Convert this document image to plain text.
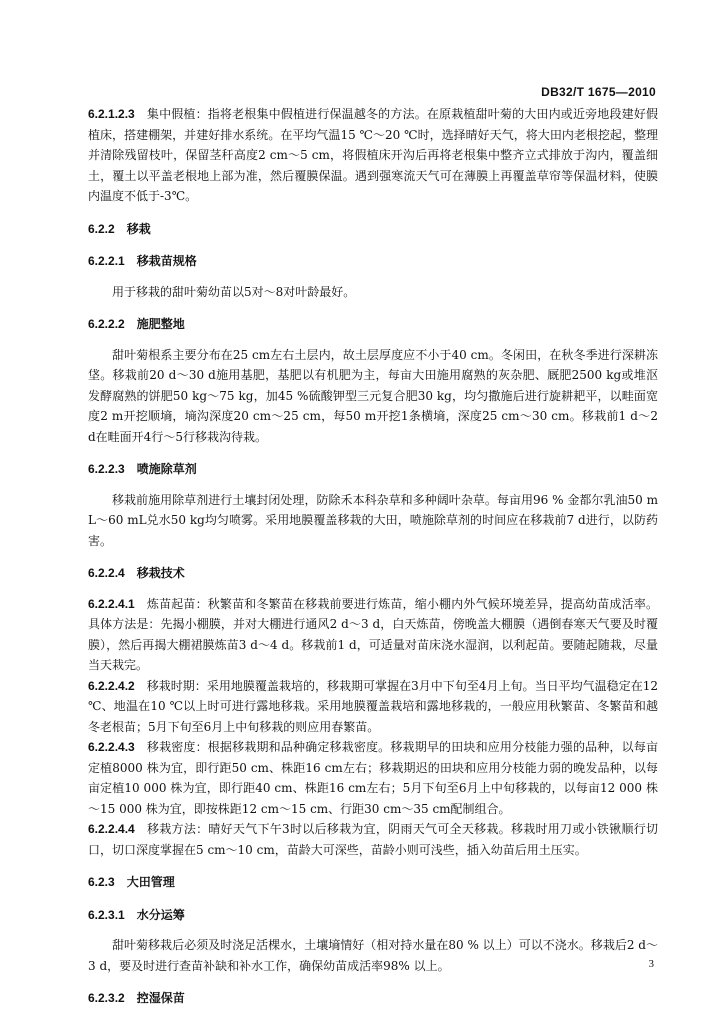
DB32/T 1675—2010

6.2.1.2.3 集中假植：指将老根集中假植进行保温越冬的方法。在原栽植甜叶菊的大田内或近旁地段建好假植床，搭建棚架，并建好排水系统。在平均气温15 ℃～20 ℃时，选择晴好天气，将大田内老根挖起，整理并清除残留枝叶，保留茎秆高度2 cm～5 cm，将假植床开沟后再将老根集中整齐立式排放于沟内，覆盖细土，覆土以平盖老根地上部为准，然后覆膜保温。遇到强寒流天气可在薄膜上再覆盖草帘等保温材料，使膜内温度不低于-3℃。

6.2.2 移栽

6.2.2.1 移栽苗规格

用于移栽的甜叶菊幼苗以5对～8对叶龄最好。

6.2.2.2 施肥整地

甜叶菊根系主要分布在25 cm左右土层内，故土层厚度应不小于40 cm。冬闲田，在秋冬季进行深耕冻垡。移栽前20 d～30 d施用基肥，基肥以有机肥为主，每亩大田施用腐熟的灰杂肥、厩肥2500 kg或堆沤发酵腐熟的饼肥50 kg～75 kg，加45 %硫酸钾型三元复合肥30 kg，均匀撒施后进行旋耕耙平，以畦面宽度2 m开挖顺墒，墒沟深度20 cm～25 cm，每50 m开挖1条横墒，深度25 cm～30 cm。移栽前1 d～2 d在畦面开4行～5行移栽沟待栽。

6.2.2.3 喷施除草剂

移栽前施用除草剂进行土壤封闭处理，防除禾本科杂草和多种阔叶杂草。每亩用96 % 金都尔乳油50 mL～60 mL兑水50 kg均匀喷雾。采用地膜覆盖移栽的大田，喷施除草剂的时间应在移栽前7 d进行，以防药害。

6.2.2.4 移栽技术

6.2.2.4.1 炼苗起苗：秋繁苗和冬繁苗在移栽前要进行炼苗，缩小棚内外气候环境差异，提高幼苗成活率。具体方法是：先揭小棚膜，并对大棚进行通风2 d～3 d，白天炼苗，傍晚盖大棚膜（遇倒春寒天气要及时覆膜），然后再揭大棚裙膜炼苗3 d～4 d。移栽前1 d，可适量对苗床浇水湿润，以利起苗。要随起随栽，尽量当天栽完。

6.2.2.4.2 移栽时期：采用地膜覆盖栽培的，移栽期可掌握在3月中下旬至4月上旬。当日平均气温稳定在12 ℃、地温在10 ℃以上时可进行露地移栽。采用地膜覆盖栽培和露地移栽的，一般应用秋繁苗、冬繁苗和越冬老根苗；5月下旬至6月上中旬移栽的则应用春繁苗。

6.2.2.4.3 移栽密度：根据移栽期和品种确定移栽密度。移栽期早的田块和应用分枝能力强的品种，以每亩定植8000 株为宜，即行距50 cm、株距16 cm左右；移栽期迟的田块和应用分枝能力弱的晚发品种，以每亩定植10 000 株为宜，即行距40 cm、株距16 cm左右；5月下旬至6月上中旬移栽的，以每亩12 000 株～15 000 株为宜，即按株距12 cm～15 cm、行距30 cm～35 cm配制组合。

6.2.2.4.4 移栽方法：晴好天气下午3时以后移栽为宜，阴雨天气可全天移栽。移栽时用刀或小铁锹顺行切口，切口深度掌握在5 cm～10 cm，苗龄大可深些，苗龄小则可浅些，插入幼苗后用土压实。

6.2.3 大田管理

6.2.3.1 水分运筹

甜叶菊移栽后必须及时浇足活棵水，土壤墒情好（相对持水量在80 % 以上）可以不浇水。移栽后2 d～3 d，要及时进行查苗补缺和补水工作，确保幼苗成活率98% 以上。

6.2.3.2 控湿保苗

3
